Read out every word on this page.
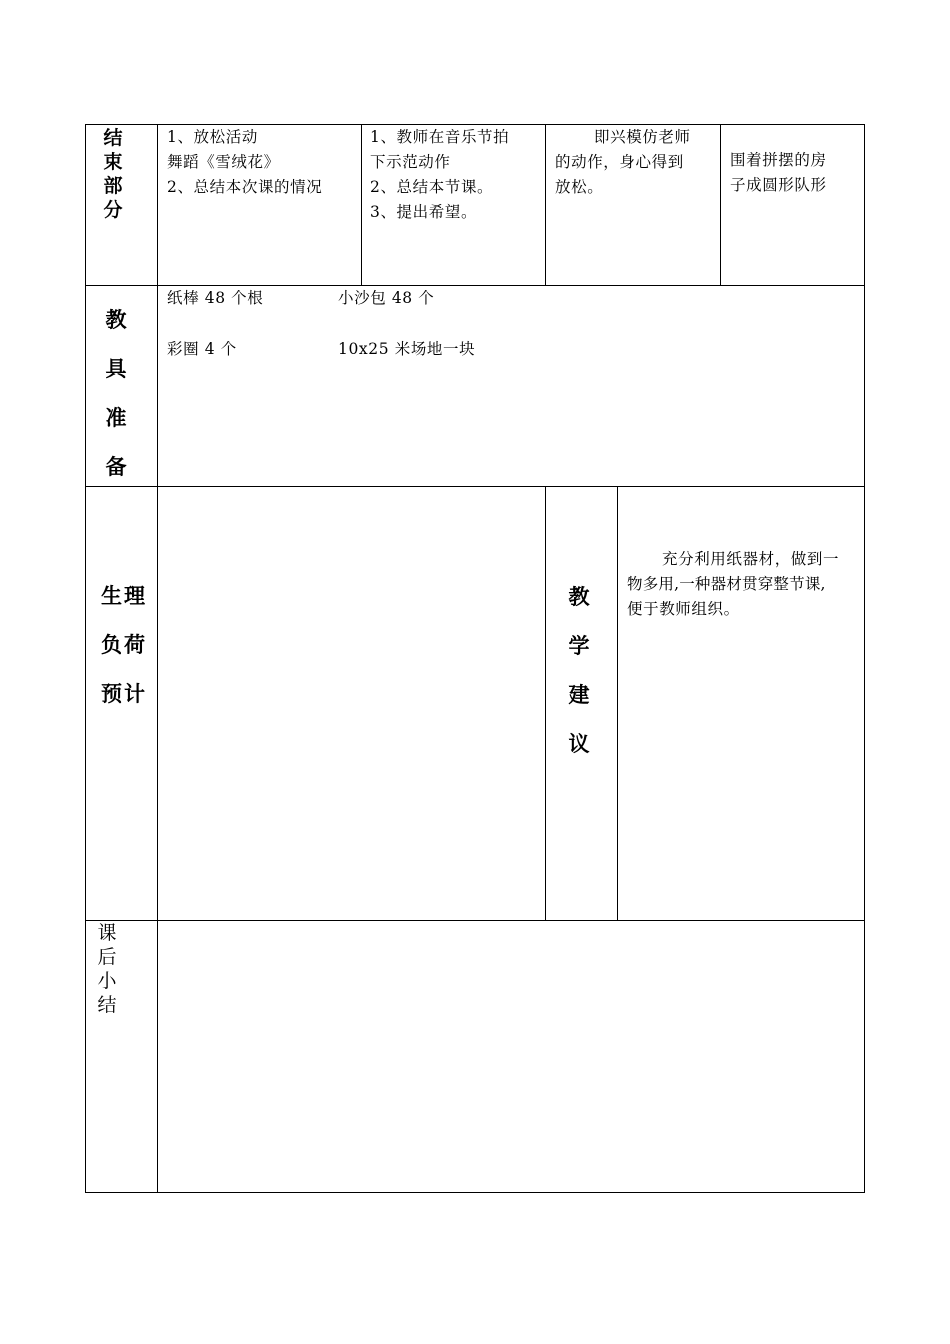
结
束
部
分
1、放松活动
舞蹈《雪绒花》
2、总结本次课的情况
1、教师在音乐节拍
下示范动作
2、总结本节课。
3、提出希望。
即兴模仿老师
的动作，身心得到
放松。
围着拼摆的房
子成圆形队形
教
具
准
备
纸棒 48 个根	小沙包 48 个
彩圈 4 个	10x25 米场地一块
生理
负荷
预计
教
学
建
议
充分利用纸器材，做到一
物多用,一种器材贯穿整节课,
便于教师组织。
课
后
小
结
